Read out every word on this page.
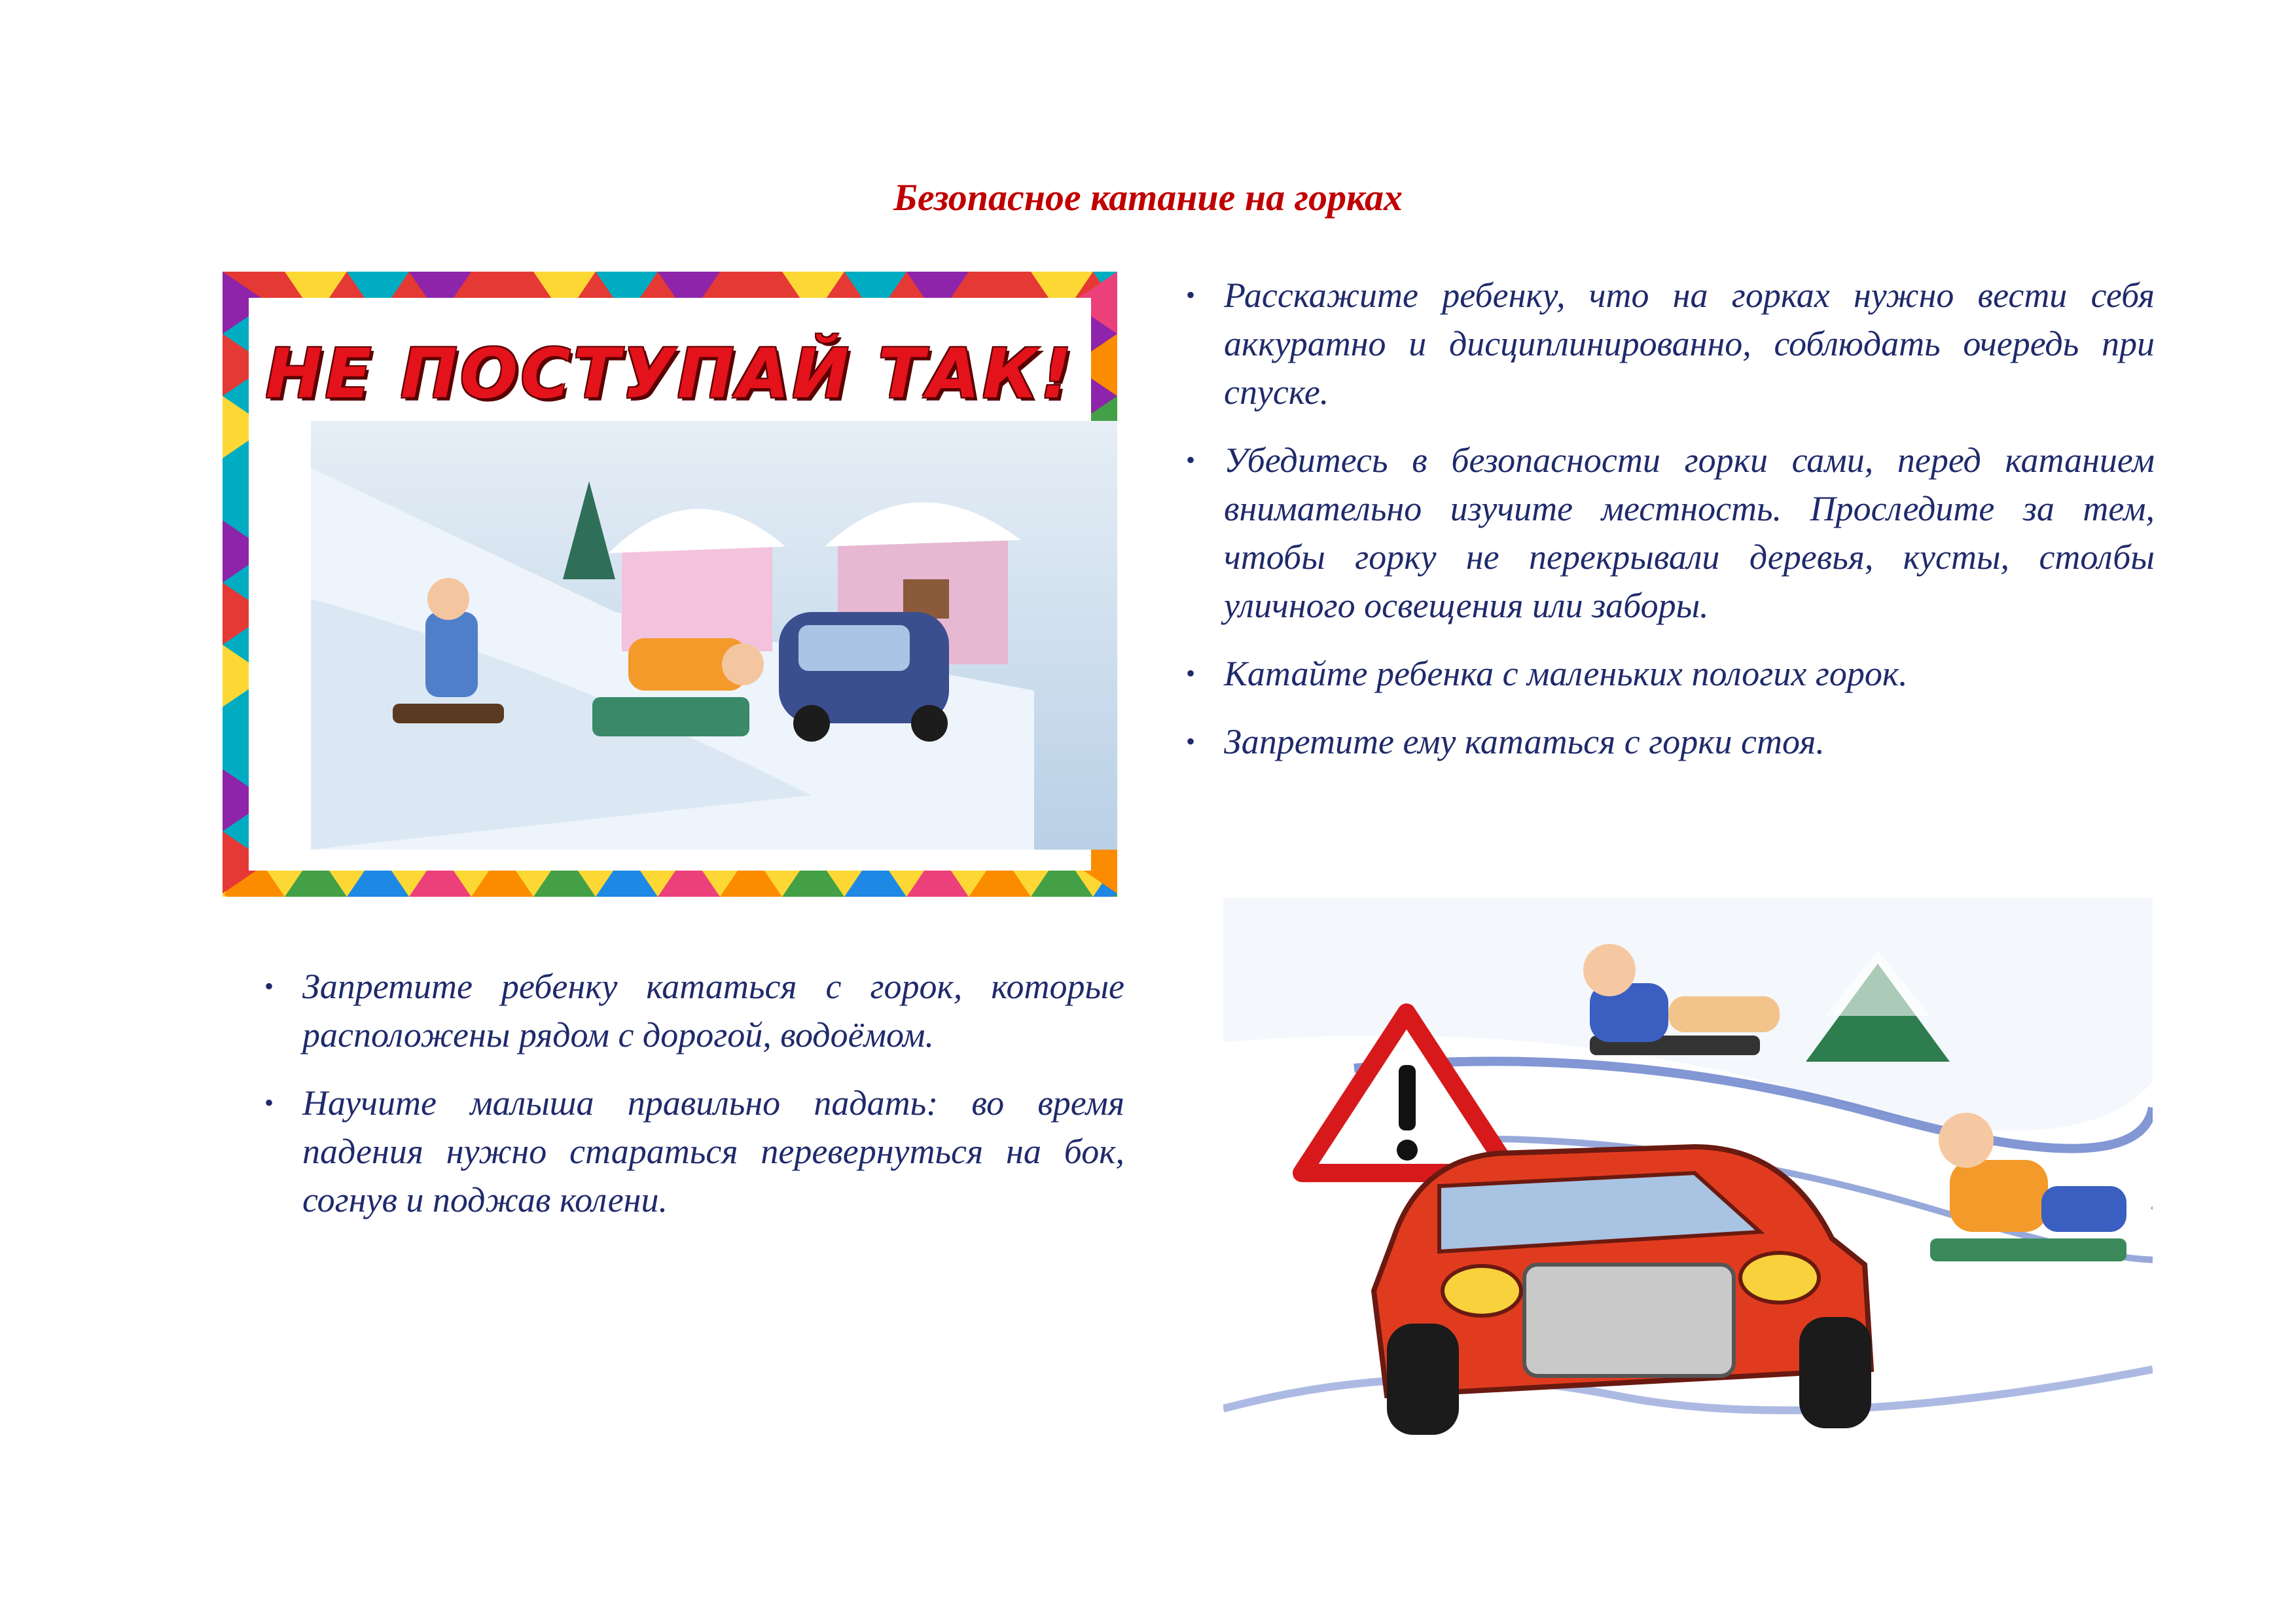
Безопасное катание на горках
НЕ ПОСТУПАЙ ТАК!
• Расскажите ребенку, что на горках нужно вести себя аккуратно и дисциплинированно, соблюдать очередь при спуске.
• Убедитесь в безопасности горки сами, перед катанием внимательно изучите местность. Проследите за тем, чтобы горку не перекрывали деревья, кусты, столбы уличного освещения или заборы.
• Катайте ребенка с маленьких пологих горок.
• Запретите ему кататься с горки стоя.
• Запретите ребенку кататься с горок, которые расположены рядом с дорогой, водоёмом.
• Научите малыша правильно падать: во время падения нужно стараться перевернуться на бок, согнув и поджав колени.
